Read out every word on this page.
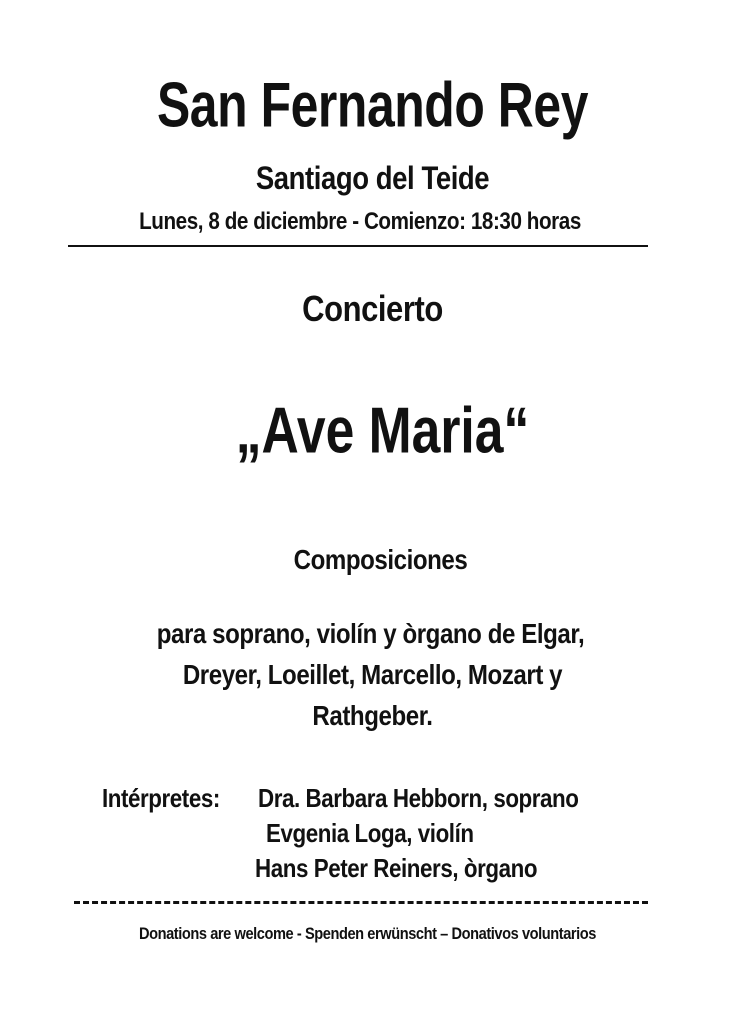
San Fernando Rey
Santiago del Teide
Lunes, 8 de diciembre - Comienzo: 18:30 horas
Concierto
„Ave Maria“
Composiciones
para soprano, violín y òrgano de Elgar,
Dreyer, Loeillet, Marcello, Mozart y
Rathgeber.
Intérpretes: Dra. Barbara Hebborn, soprano
Evgenia Loga, violín
Hans Peter Reiners, òrgano
Donations are welcome - Spenden erwünscht – Donativos voluntarios
